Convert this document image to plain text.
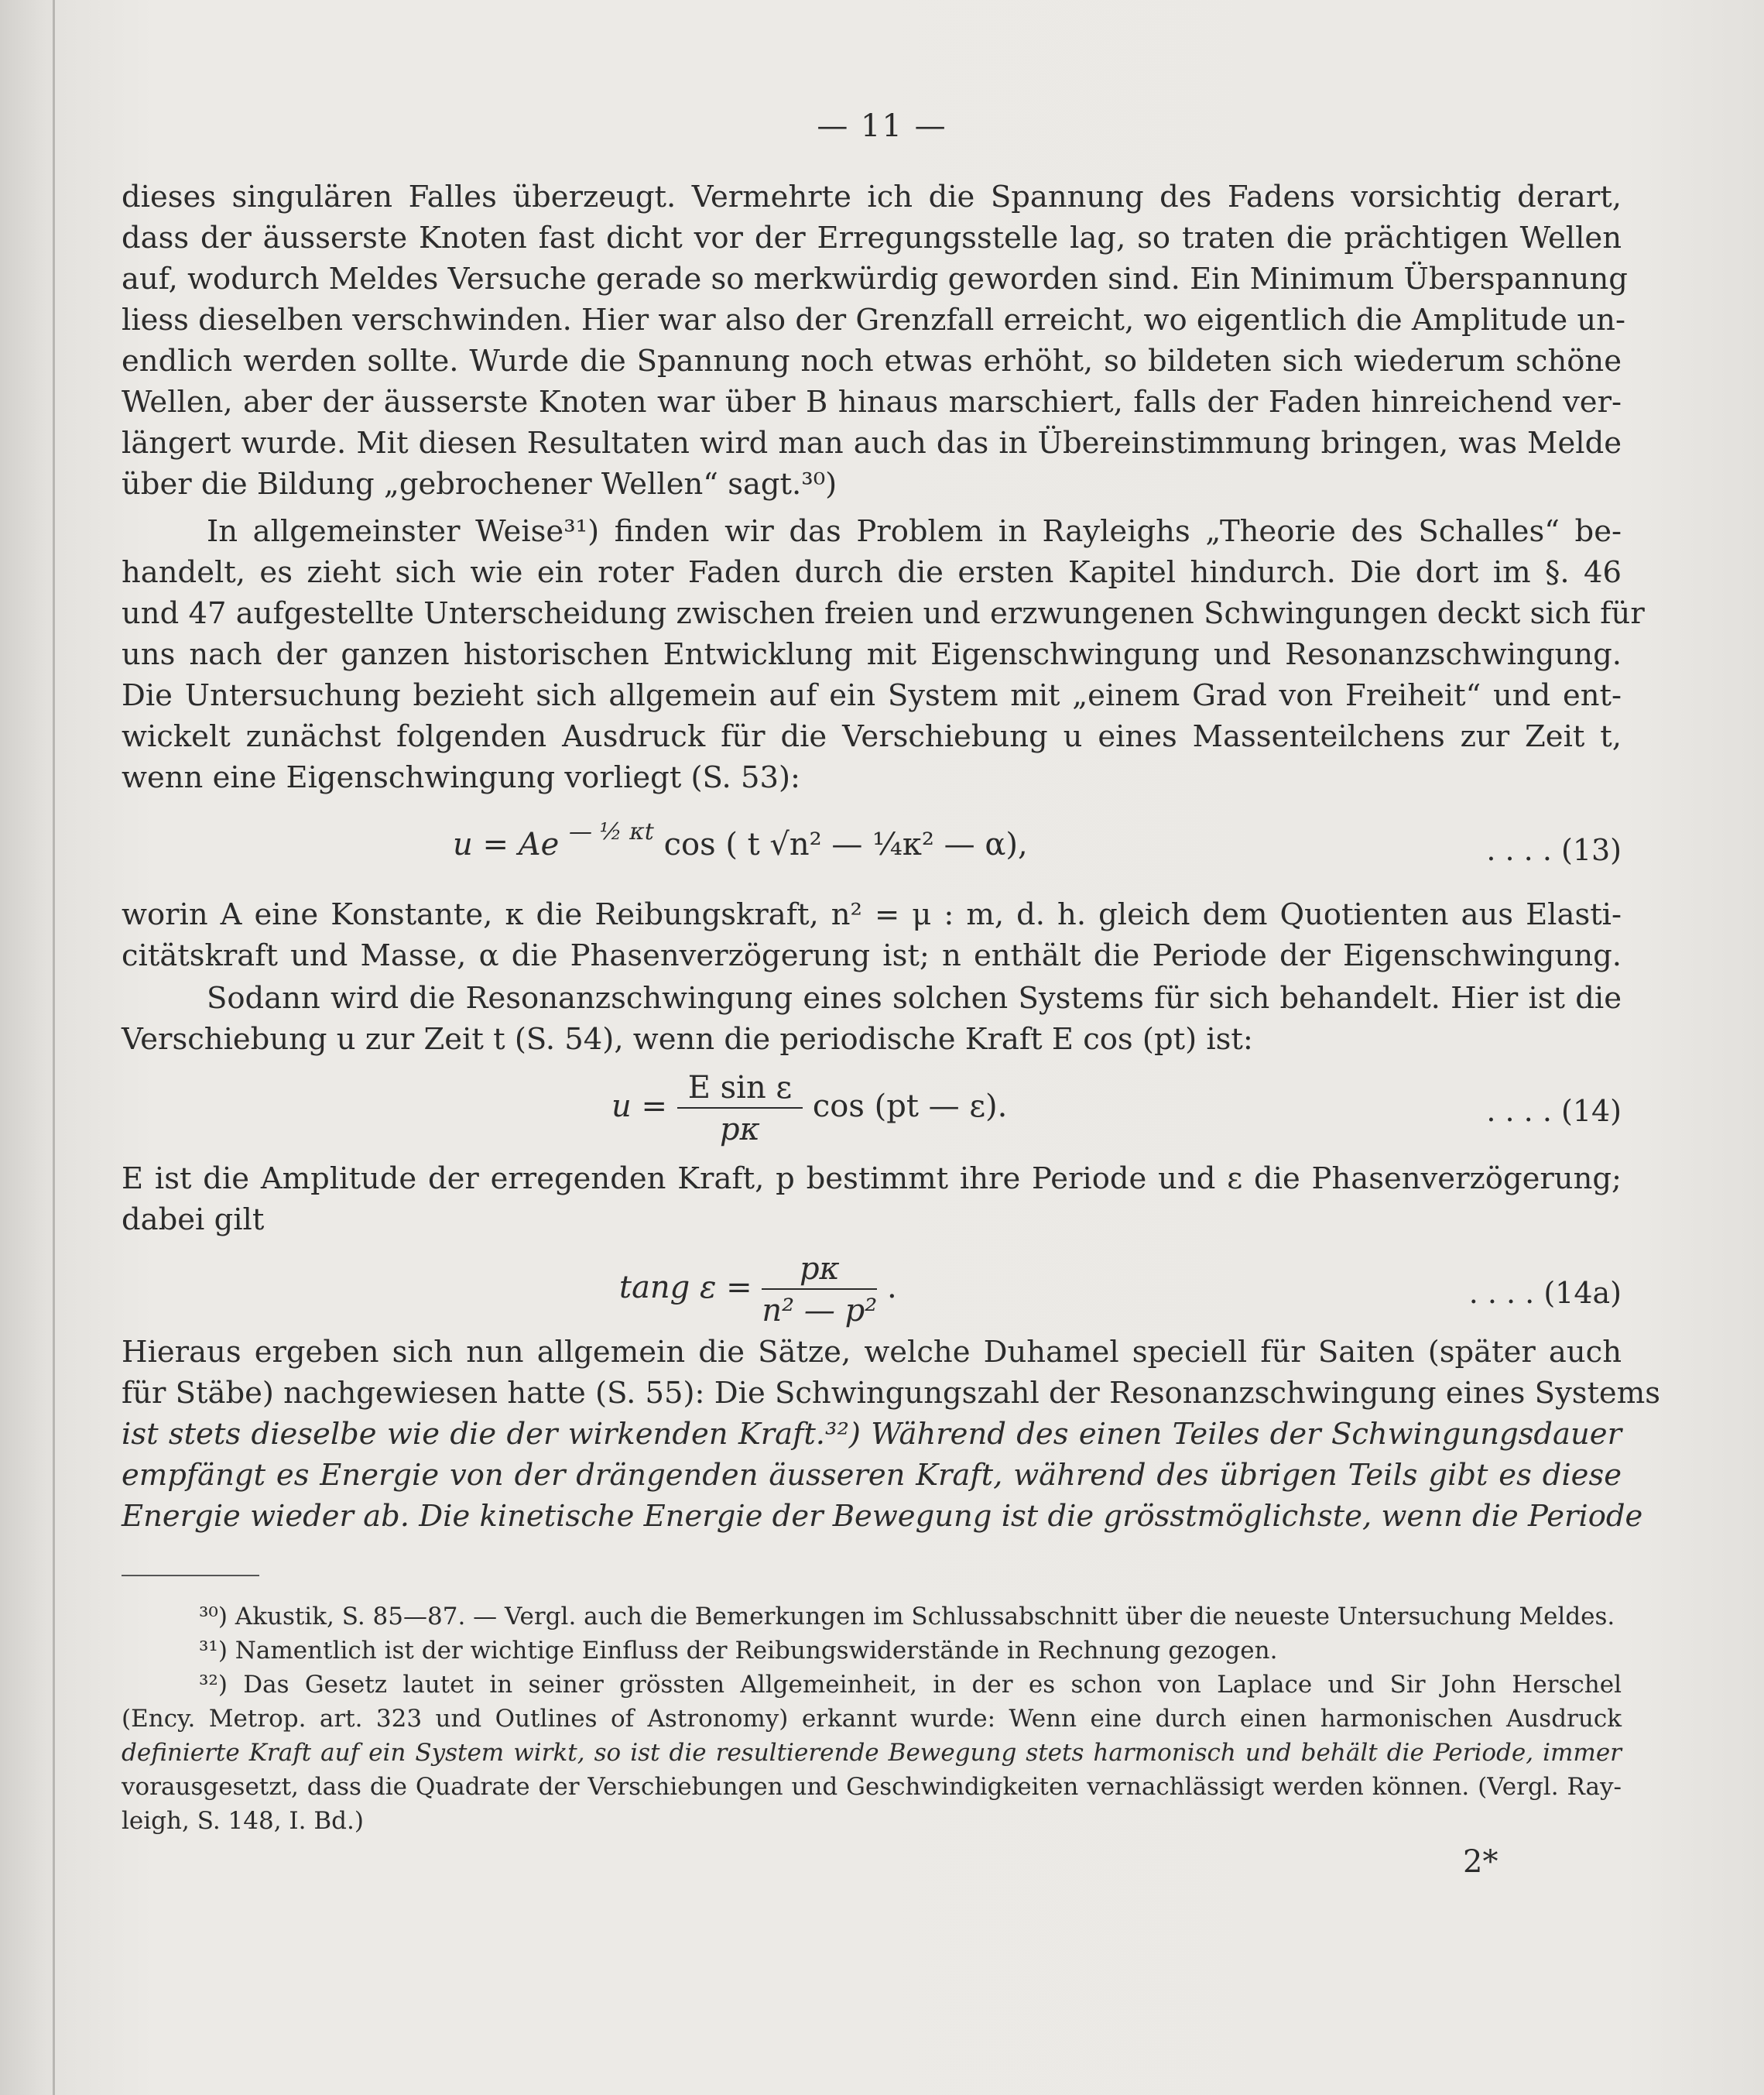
— 11 —
dieses singulären Falles überzeugt. Vermehrte ich die Spannung des Fadens vorsichtig derart,
dass der äusserste Knoten fast dicht vor der Erregungsstelle lag, so traten die prächtigen Wellen
auf, wodurch Meldes Versuche gerade so merkwürdig geworden sind. Ein Minimum Überspannung
liess dieselben verschwinden. Hier war also der Grenzfall erreicht, wo eigentlich die Amplitude un-
endlich werden sollte. Wurde die Spannung noch etwas erhöht, so bildeten sich wiederum schöne
Wellen, aber der äusserste Knoten war über B hinaus marschiert, falls der Faden hinreichend ver-
längert wurde. Mit diesen Resultaten wird man auch das in Übereinstimmung bringen, was Melde
über die Bildung „gebrochener Wellen“ sagt.³⁰)
In allgemeinster Weise³¹) finden wir das Problem in Rayleighs „Theorie des Schalles“ be-
handelt, es zieht sich wie ein roter Faden durch die ersten Kapitel hindurch. Die dort im §. 46
und 47 aufgestellte Unterscheidung zwischen freien und erzwungenen Schwingungen deckt sich für
uns nach der ganzen historischen Entwicklung mit Eigenschwingung und Resonanzschwingung.
Die Untersuchung bezieht sich allgemein auf ein System mit „einem Grad von Freiheit“ und ent-
wickelt zunächst folgenden Ausdruck für die Verschiebung u eines Massenteilchens zur Zeit t,
wenn eine Eigenschwingung vorliegt (S. 53):
u = Ae $^{— \frac{1}{2} \kappa t}$ cos ( t √n² — ¼κ² — α),	. . . . (13)
worin A eine Konstante, κ die Reibungskraft, n² = μ : m, d. h. gleich dem Quotienten aus Elasti-
citätskraft und Masse, α die Phasenverzögerung ist; n enthält die Periode der Eigenschwingung.
Sodann wird die Resonanzschwingung eines solchen Systems für sich behandelt. Hier ist die
Verschiebung u zur Zeit t (S. 54), wenn die periodische Kraft E cos (pt) ist:
$u = \frac{\text{E sin ε}}{p\kappa}$ cos (pt — ε).	. . . . (14)
E ist die Amplitude der erregenden Kraft, p bestimmt ihre Periode und ε die Phasenverzögerung;
dabei gilt
tang $\varepsilon = \frac{p\kappa}{\text{n² — p²}}$ .	. . . . (14a)
Hieraus ergeben sich nun allgemein die Sätze, welche Duhamel speciell für Saiten (später auch
für Stäbe) nachgewiesen hatte (S. 55): Die Schwingungszahl der Resonanzschwingung eines Systems
ist stets dieselbe wie die der wirkenden Kraft.³²) Während des einen Teiles der Schwingungsdauer
empfängt es Energie von der drängenden äusseren Kraft, während des übrigen Teils gibt es diese
Energie wieder ab. Die kinetische Energie der Bewegung ist die grösstmöglichste, wenn die Periode
³⁰) Akustik, S. 85—87. — Vergl. auch die Bemerkungen im Schlussabschnitt über die neueste Untersuchung Meldes.
³¹) Namentlich ist der wichtige Einfluss der Reibungswiderstände in Rechnung gezogen.
³²) Das Gesetz lautet in seiner grössten Allgemeinheit, in der es schon von Laplace und Sir John Herschel
(Ency. Metrop. art. 323 und Outlines of Astronomy) erkannt wurde: Wenn eine durch einen harmonischen Ausdruck
definierte Kraft auf ein System wirkt, so ist die resultierende Bewegung stets harmonisch und behält die Periode, immer
vorausgesetzt, dass die Quadrate der Verschiebungen und Geschwindigkeiten vernachlässigt werden können. (Vergl. Ray-
leigh, S. 148, I. Bd.)
2*
